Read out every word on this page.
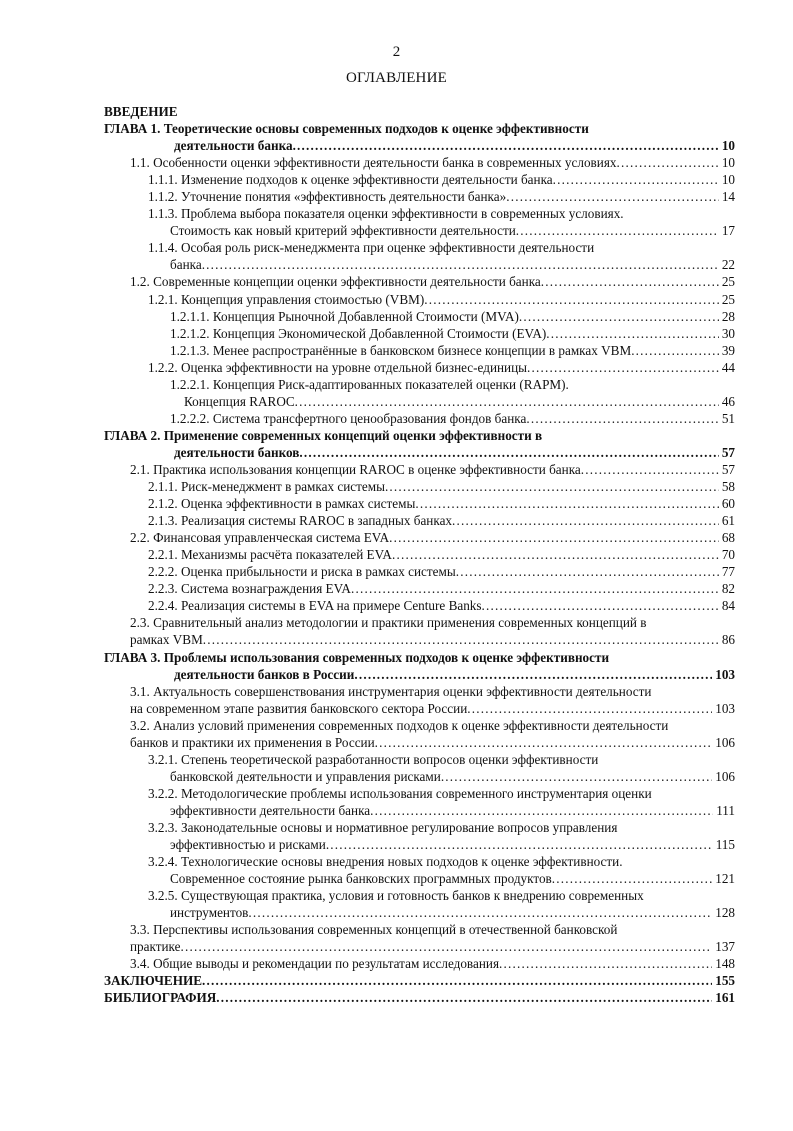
2
ОГЛАВЛЕНИЕ
ВВЕДЕНИЕ
ГЛАВА 1. Теоретические основы современных подходов к оценке эффективности
деятельности банка .....	10
1.1. Особенности оценки эффективности деятельности банка в современных условиях .....	10
1.1.1. Изменение подходов к оценке эффективности деятельности банка .....	10
1.1.2. Уточнение понятия «эффективность деятельности банка» .....	14
1.1.3. Проблема выбора показателя оценки эффективности в современных условиях.
Стоимость как новый критерий эффективности деятельности .....	17
1.1.4. Особая роль риск-менеджмента при оценке эффективности деятельности
банка .....	22
1.2. Современные концепции оценки эффективности деятельности банка .....	25
1.2.1. Концепция управления стоимостью (VBM) .....	25
1.2.1.1. Концепция Рыночной Добавленной Стоимости (MVA) .....	28
1.2.1.2. Концепция Экономической Добавленной Стоимости (EVA) .....	30
1.2.1.3. Менее распространённые в банковском бизнесе концепции в рамках VBM .....	39
1.2.2. Оценка эффективности на уровне отдельной бизнес-единицы .....	44
1.2.2.1. Концепция Риск-адаптированных показателей оценки (RAPM).
Концепция RAROC .....	46
1.2.2.2. Система трансфертного ценообразования фондов банка .....	51
ГЛАВА 2. Применение современных концепций оценки эффективности в
деятельности банков .....	57
2.1. Практика использования концепции RAROC в оценке эффективности банка .....	57
2.1.1. Риск-менеджмент в рамках системы .....	58
2.1.2. Оценка эффективности в рамках системы .....	60
2.1.3. Реализация системы RAROC в западных банках .....	61
2.2. Финансовая управленческая система EVA .....	68
2.2.1. Механизмы расчёта показателей EVA .....	70
2.2.2. Оценка прибыльности и риска в рамках системы .....	77
2.2.3. Система вознаграждения EVA .....	82
2.2.4. Реализация системы в EVA на примере Centure Banks .....	84
2.3. Сравнительный анализ методологии и практики применения современных концепций в
рамках VBM .....	86
ГЛАВА 3. Проблемы использования современных подходов к оценке эффективности
деятельности банков в России .....	103
3.1. Актуальность совершенствования инструментария оценки эффективности деятельности
на современном этапе развития банковского сектора России .....	103
3.2. Анализ условий применения современных подходов к оценке эффективности деятельности
банков и практики их применения в России .....	106
3.2.1. Степень теоретической разработанности вопросов оценки эффективности
банковской деятельности и управления рисками .....	106
3.2.2. Методологические проблемы использования современного инструментария оценки
эффективности деятельности банка .....	111
3.2.3. Законодательные основы и нормативное регулирование вопросов управления
эффективностью и рисками .....	115
3.2.4. Технологические основы внедрения новых подходов к оценке эффективности.
Современное состояние рынка банковских программных продуктов .....	121
3.2.5. Существующая практика, условия и готовность банков к внедрению современных
инструментов .....	128
3.3. Перспективы использования современных концепций в отечественной банковской
практике .....	137
3.4. Общие выводы и рекомендации по результатам исследования .....	148
ЗАКЛЮЧЕНИЕ .....	155
БИБЛИОГРАФИЯ .....	161
